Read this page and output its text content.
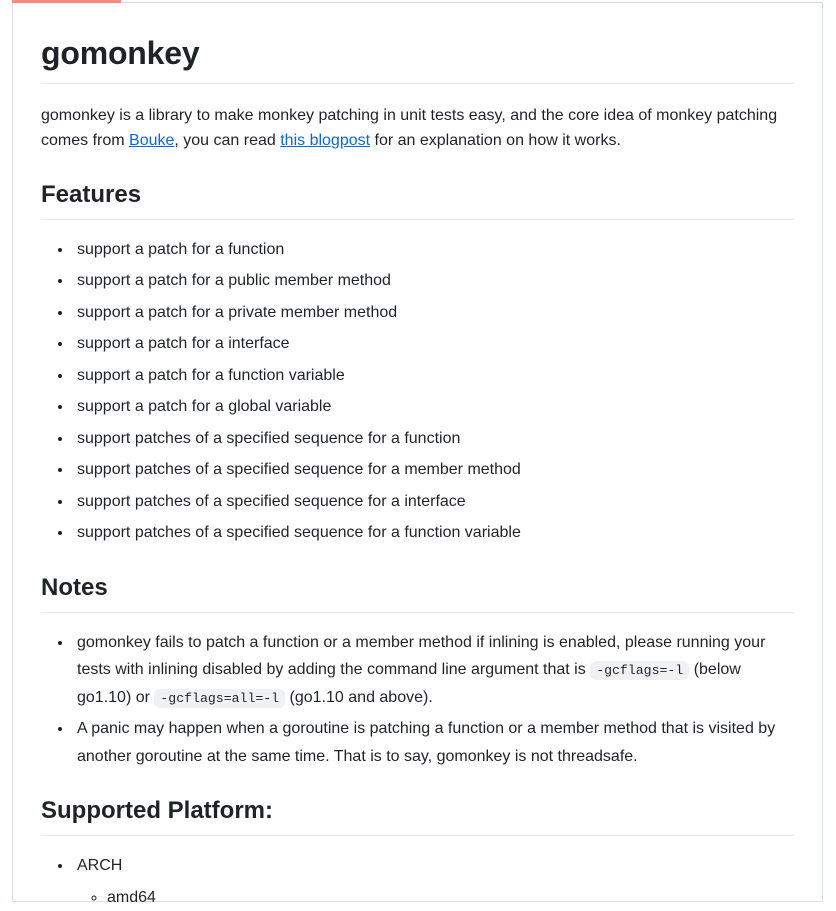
gomonkey

gomonkey is a library to make monkey patching in unit tests easy, and the core idea of monkey patching comes from Bouke, you can read this blogpost for an explanation on how it works.

Features
• support a patch for a function
• support a patch for a public member method
• support a patch for a private member method
• support a patch for a interface
• support a patch for a function variable
• support a patch for a global variable
• support patches of a specified sequence for a function
• support patches of a specified sequence for a member method
• support patches of a specified sequence for a interface
• support patches of a specified sequence for a function variable
Notes
• gomonkey fails to patch a function or a member method if inlining is enabled, please running your tests with inlining disabled by adding the command line argument that is -gcflags=-l (below go1.10) or -gcflags=all=-l (go1.10 and above).
• A panic may happen when a goroutine is patching a function or a member method that is visited by another goroutine at the same time. That is to say, gomonkey is not threadsafe.
Supported Platform:
• ARCH
◦ amd64
